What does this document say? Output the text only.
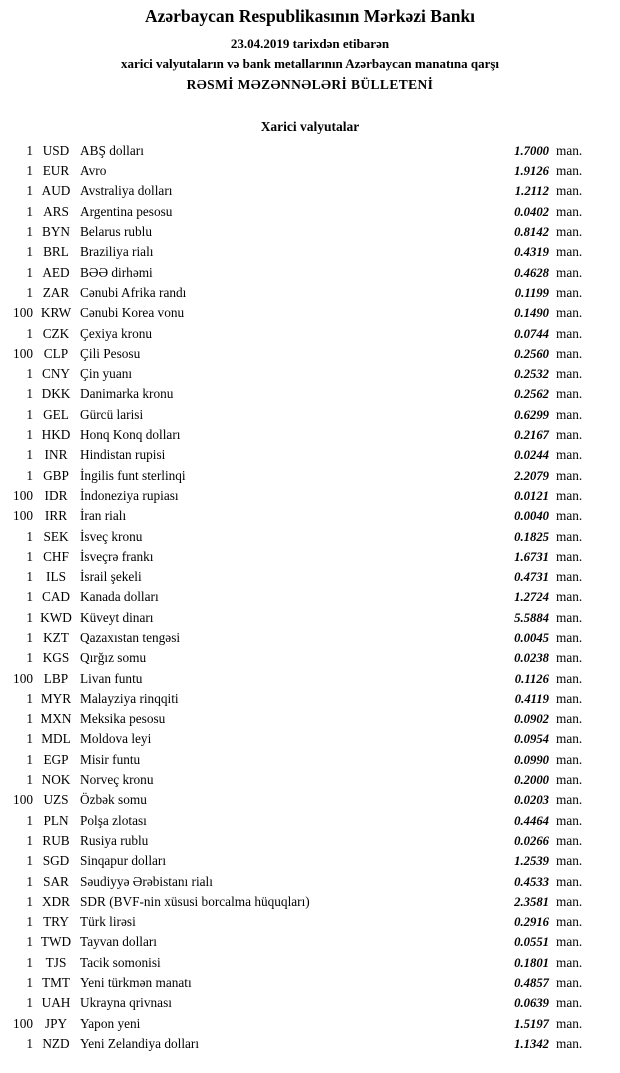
Azərbaycan Respublikasının Mərkəzi Bankı
23.04.2019 tarixdən etibarən
xarici valyutaların və bank metallarının Azərbaycan manatına qarşı
RƏSMİ MƏZƏNNƏLƏRİ BÜLLETENİ
Xarici valyutalar
1 USD ABŞ dolları	1.7000 man.
1 EUR Avro	1.9126 man.
1 AUD Avstraliya dolları	1.2112 man.
1 ARS Argentina pesosu	0.0402 man.
1 BYN Belarus rublu	0.8142 man.
1 BRL Braziliya rialı	0.4319 man.
1 AED BƏƏ dirhəmi	0.4628 man.
1 ZAR Cənubi Afrika randı	0.1199 man.
100 KRW Cənubi Korea vonu	0.1490 man.
1 CZK Çexiya kronu	0.0744 man.
100 CLP Çili Pesosu	0.2560 man.
1 CNY Çin yuanı	0.2532 man.
1 DKK Danimarka kronu	0.2562 man.
1 GEL Gürcü larisi	0.6299 man.
1 HKD Honq Konq dolları	0.2167 man.
1 INR Hindistan rupisi	0.0244 man.
1 GBP İngilis funt sterlinqi	2.2079 man.
100 IDR İndoneziya rupiası	0.0121 man.
100 IRR İran rialı	0.0040 man.
1 SEK İsveç kronu	0.1825 man.
1 CHF İsveçrə frankı	1.6731 man.
1 ILS	İsrail şekeli	0.4731 man.
1 CAD Kanada dolları	1.2724 man.
1 KWD Küveyt dinarı	5.5884 man.
1 KZT Qazaxıstan tengəsi	0.0045 man.
1 KGS Qırğız somu	0.0238 man.
100 LBP Livan funtu	0.1126 man.
1 MYR Malayziya rinqqiti	0.4119 man.
1 MXN Meksika pesosu	0.0902 man.
1 MDL Moldova leyi	0.0954 man.
1 EGP Misir funtu	0.0990 man.
1 NOK Norveç kronu	0.2000 man.
100 UZS Özbək somu	0.0203 man.
1 PLN Polşa zlotası	0.4464 man.
1 RUB Rusiya rublu	0.0266 man.
1 SGD Sinqapur dolları	1.2539 man.
1 SAR Səudiyyə Ərəbistanı rialı	0.4533 man.
1 XDR SDR (BVF-nin xüsusi borcalma hüquqları)	2.3581 man.
1 TRY Türk lirəsi	0.2916 man.
1 TWD Tayvan dolları	0.0551 man.
1 TJS	Tacik somonisi	0.1801 man.
1 TMT Yeni türkmən manatı	0.4857 man.
1 UAH Ukrayna qrivnası	0.0639 man.
100 JPY Yapon yeni	1.5197 man.
1 NZD Yeni Zelandiya dolları	1.1342 man.
